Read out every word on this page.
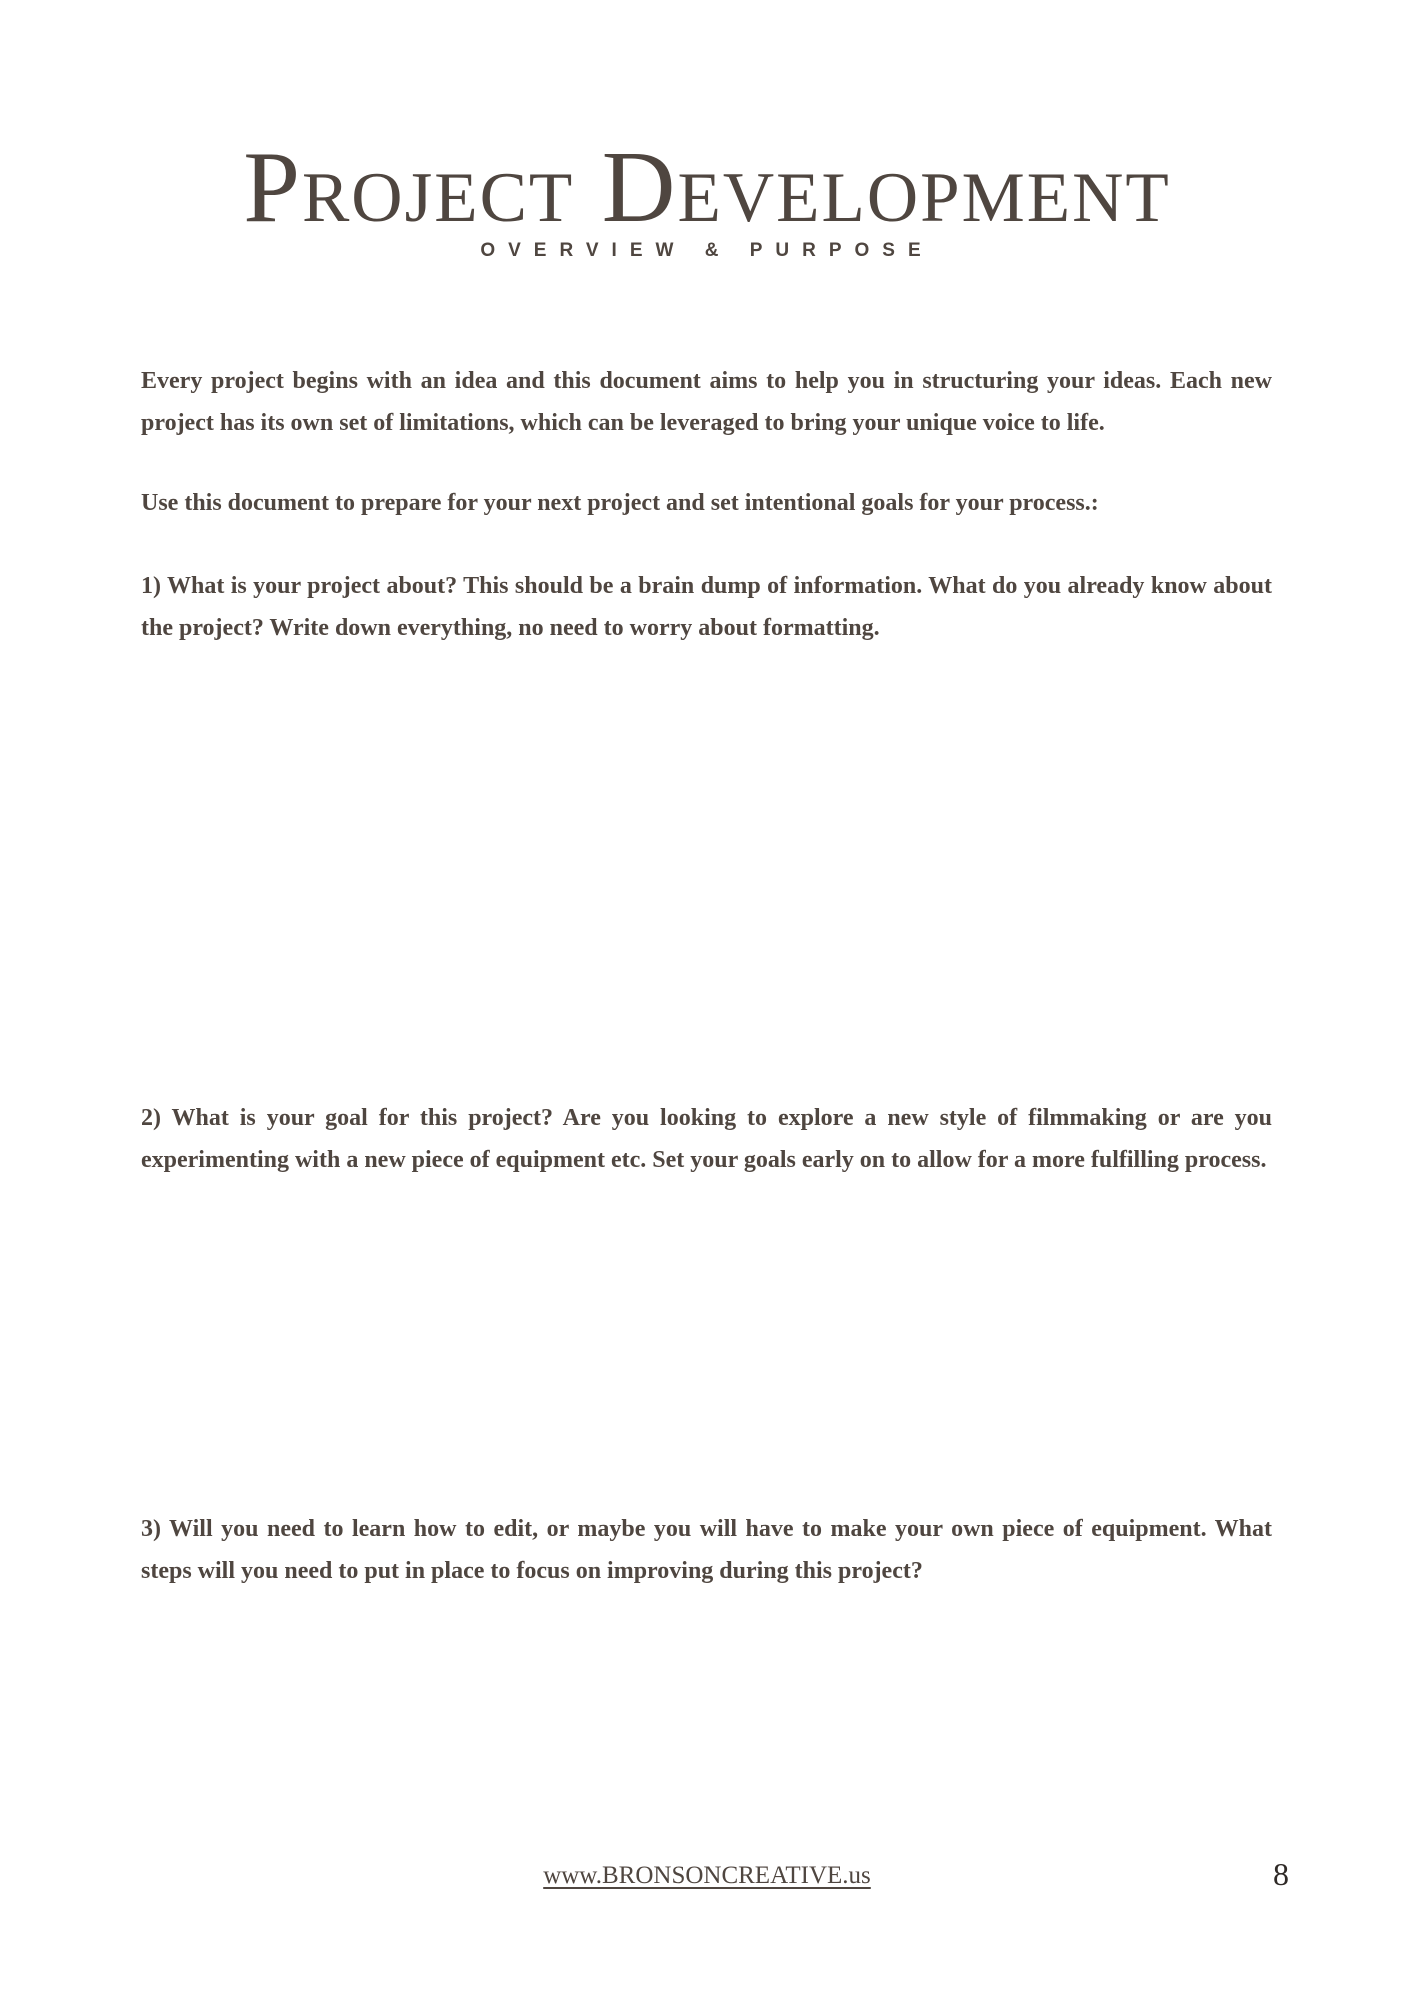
Project Development
OVERVIEW & PURPOSE

Every project begins with an idea and this document aims to help you in structuring your ideas. Each new project has its own set of limitations, which can be leveraged to bring your unique voice to life.

Use this document to prepare for your next project and set intentional goals for your process.:

1) What is your project about? This should be a brain dump of information. What do you already know about the project? Write down everything, no need to worry about formatting.

2) What is your goal for this project? Are you looking to explore a new style of filmmaking or are you experimenting with a new piece of equipment etc. Set your goals early on to allow for a more fulfilling process.

3) Will you need to learn how to edit, or maybe you will have to make your own piece of equipment. What steps will you need to put in place to focus on improving during this project?

www.BRONSONCREATIVE.us	8
